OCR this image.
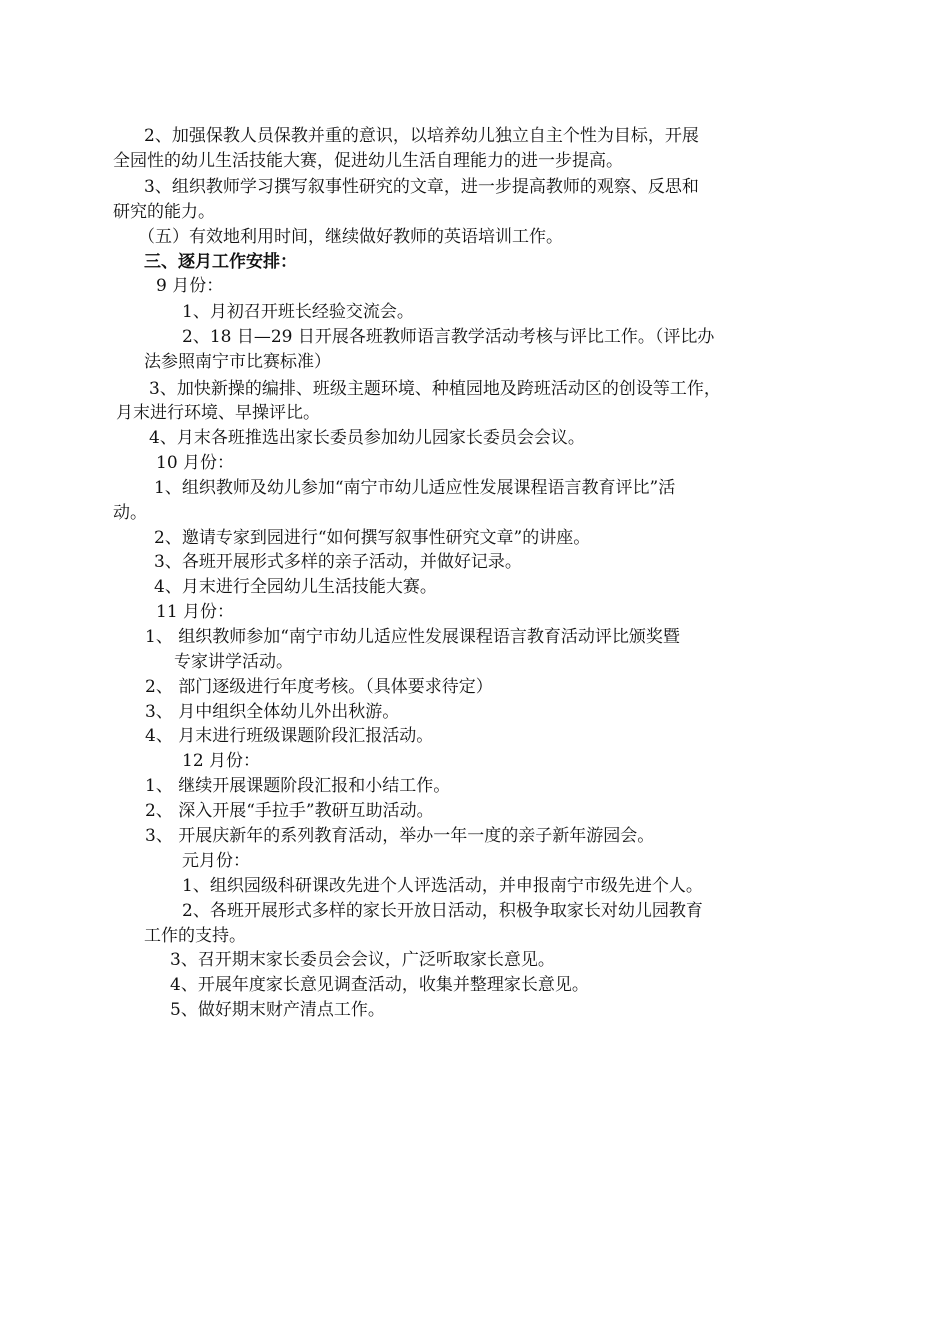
2、加强保教人员保教并重的意识，以培养幼儿独立自主个性为目标，开展

全园性的幼儿生活技能大赛，促进幼儿生活自理能力的进一步提高。

3、组织教师学习撰写叙事性研究的文章，进一步提高教师的观察、反思和

研究的能力。

（五）有效地利用时间，继续做好教师的英语培训工作。

三、逐月工作安排：

9 月份：

1、月初召开班长经验交流会。

2、18 日—29 日开展各班教师语言教学活动考核与评比工作。（评比办

法参照南宁市比赛标准）

3、加快新操的编排、班级主题环境、种植园地及跨班活动区的创设等工作，

月末进行环境、早操评比。

4、月末各班推选出家长委员参加幼儿园家长委员会会议。

10 月份：

1、组织教师及幼儿参加“南宁市幼儿适应性发展课程语言教育评比”活

动。

2、邀请专家到园进行“如何撰写叙事性研究文章”的讲座。

3、各班开展形式多样的亲子活动，并做好记录。

4、月末进行全园幼儿生活技能大赛。

11 月份：

1、 组织教师参加“南宁市幼儿适应性发展课程语言教育活动评比颁奖暨

专家讲学活动。

2、 部门逐级进行年度考核。（具体要求待定）

3、 月中组织全体幼儿外出秋游。

4、 月末进行班级课题阶段汇报活动。

12 月份：

1、 继续开展课题阶段汇报和小结工作。

2、 深入开展“手拉手”教研互助活动。

3、 开展庆新年的系列教育活动，举办一年一度的亲子新年游园会。

元月份：

1、组织园级科研课改先进个人评选活动，并申报南宁市级先进个人。

2、各班开展形式多样的家长开放日活动，积极争取家长对幼儿园教育

工作的支持。

3、召开期末家长委员会会议，广泛听取家长意见。

4、开展年度家长意见调查活动，收集并整理家长意见。

5、做好期末财产清点工作。
